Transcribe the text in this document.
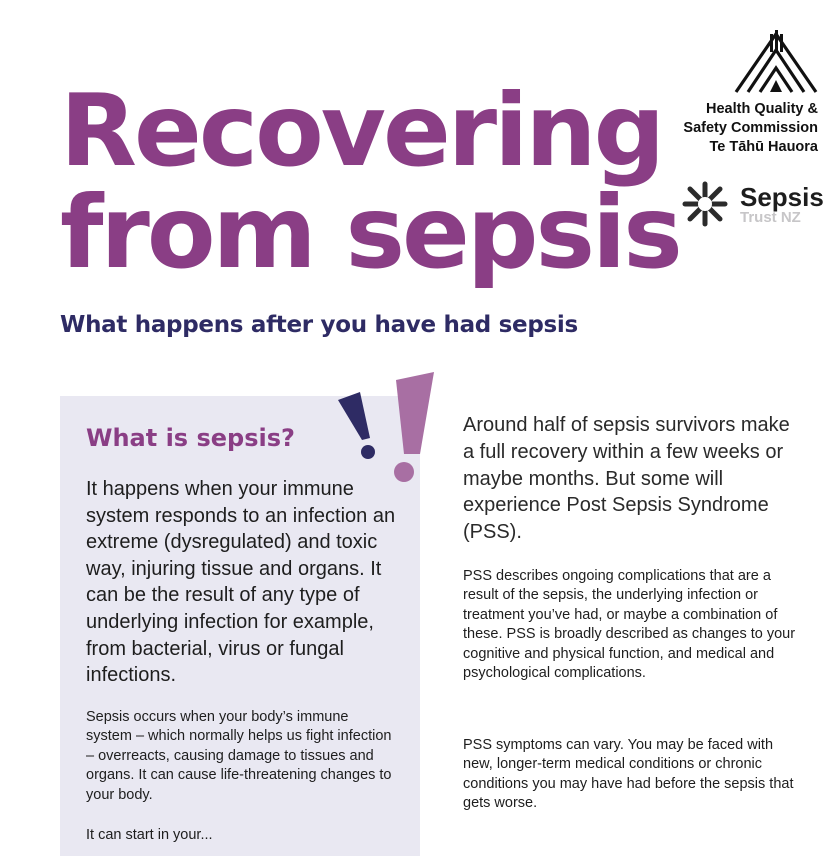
Recovering
from sepsis
What happens after you have had sepsis
Health Quality &
Safety Commission
Te Tāhū Hauora
Sepsis
Trust NZ
What is sepsis?

It happens when your immune system responds to an infection an extreme (dysregulated) and toxic way, injuring tissue and organs. It can be the result of any type of underlying infection for example, from bacterial, virus or fungal infections.

Sepsis occurs when your body’s immune system – which normally helps us fight infection – overreacts, causing damage to tissues and organs. It can cause life-threatening changes to your body.

It can start in your...

Around half of sepsis survivors make a full recovery within a few weeks or maybe months. But some will experience Post Sepsis Syndrome (PSS).

PSS describes ongoing complications that are a result of the sepsis, the underlying infection or treatment you’ve had, or maybe a combination of these. PSS is broadly described as changes to your cognitive and physical function, and medical and psychological complications.

PSS symptoms can vary. You may be faced with new, longer-term medical conditions or chronic conditions you may have had before the sepsis that gets worse.
